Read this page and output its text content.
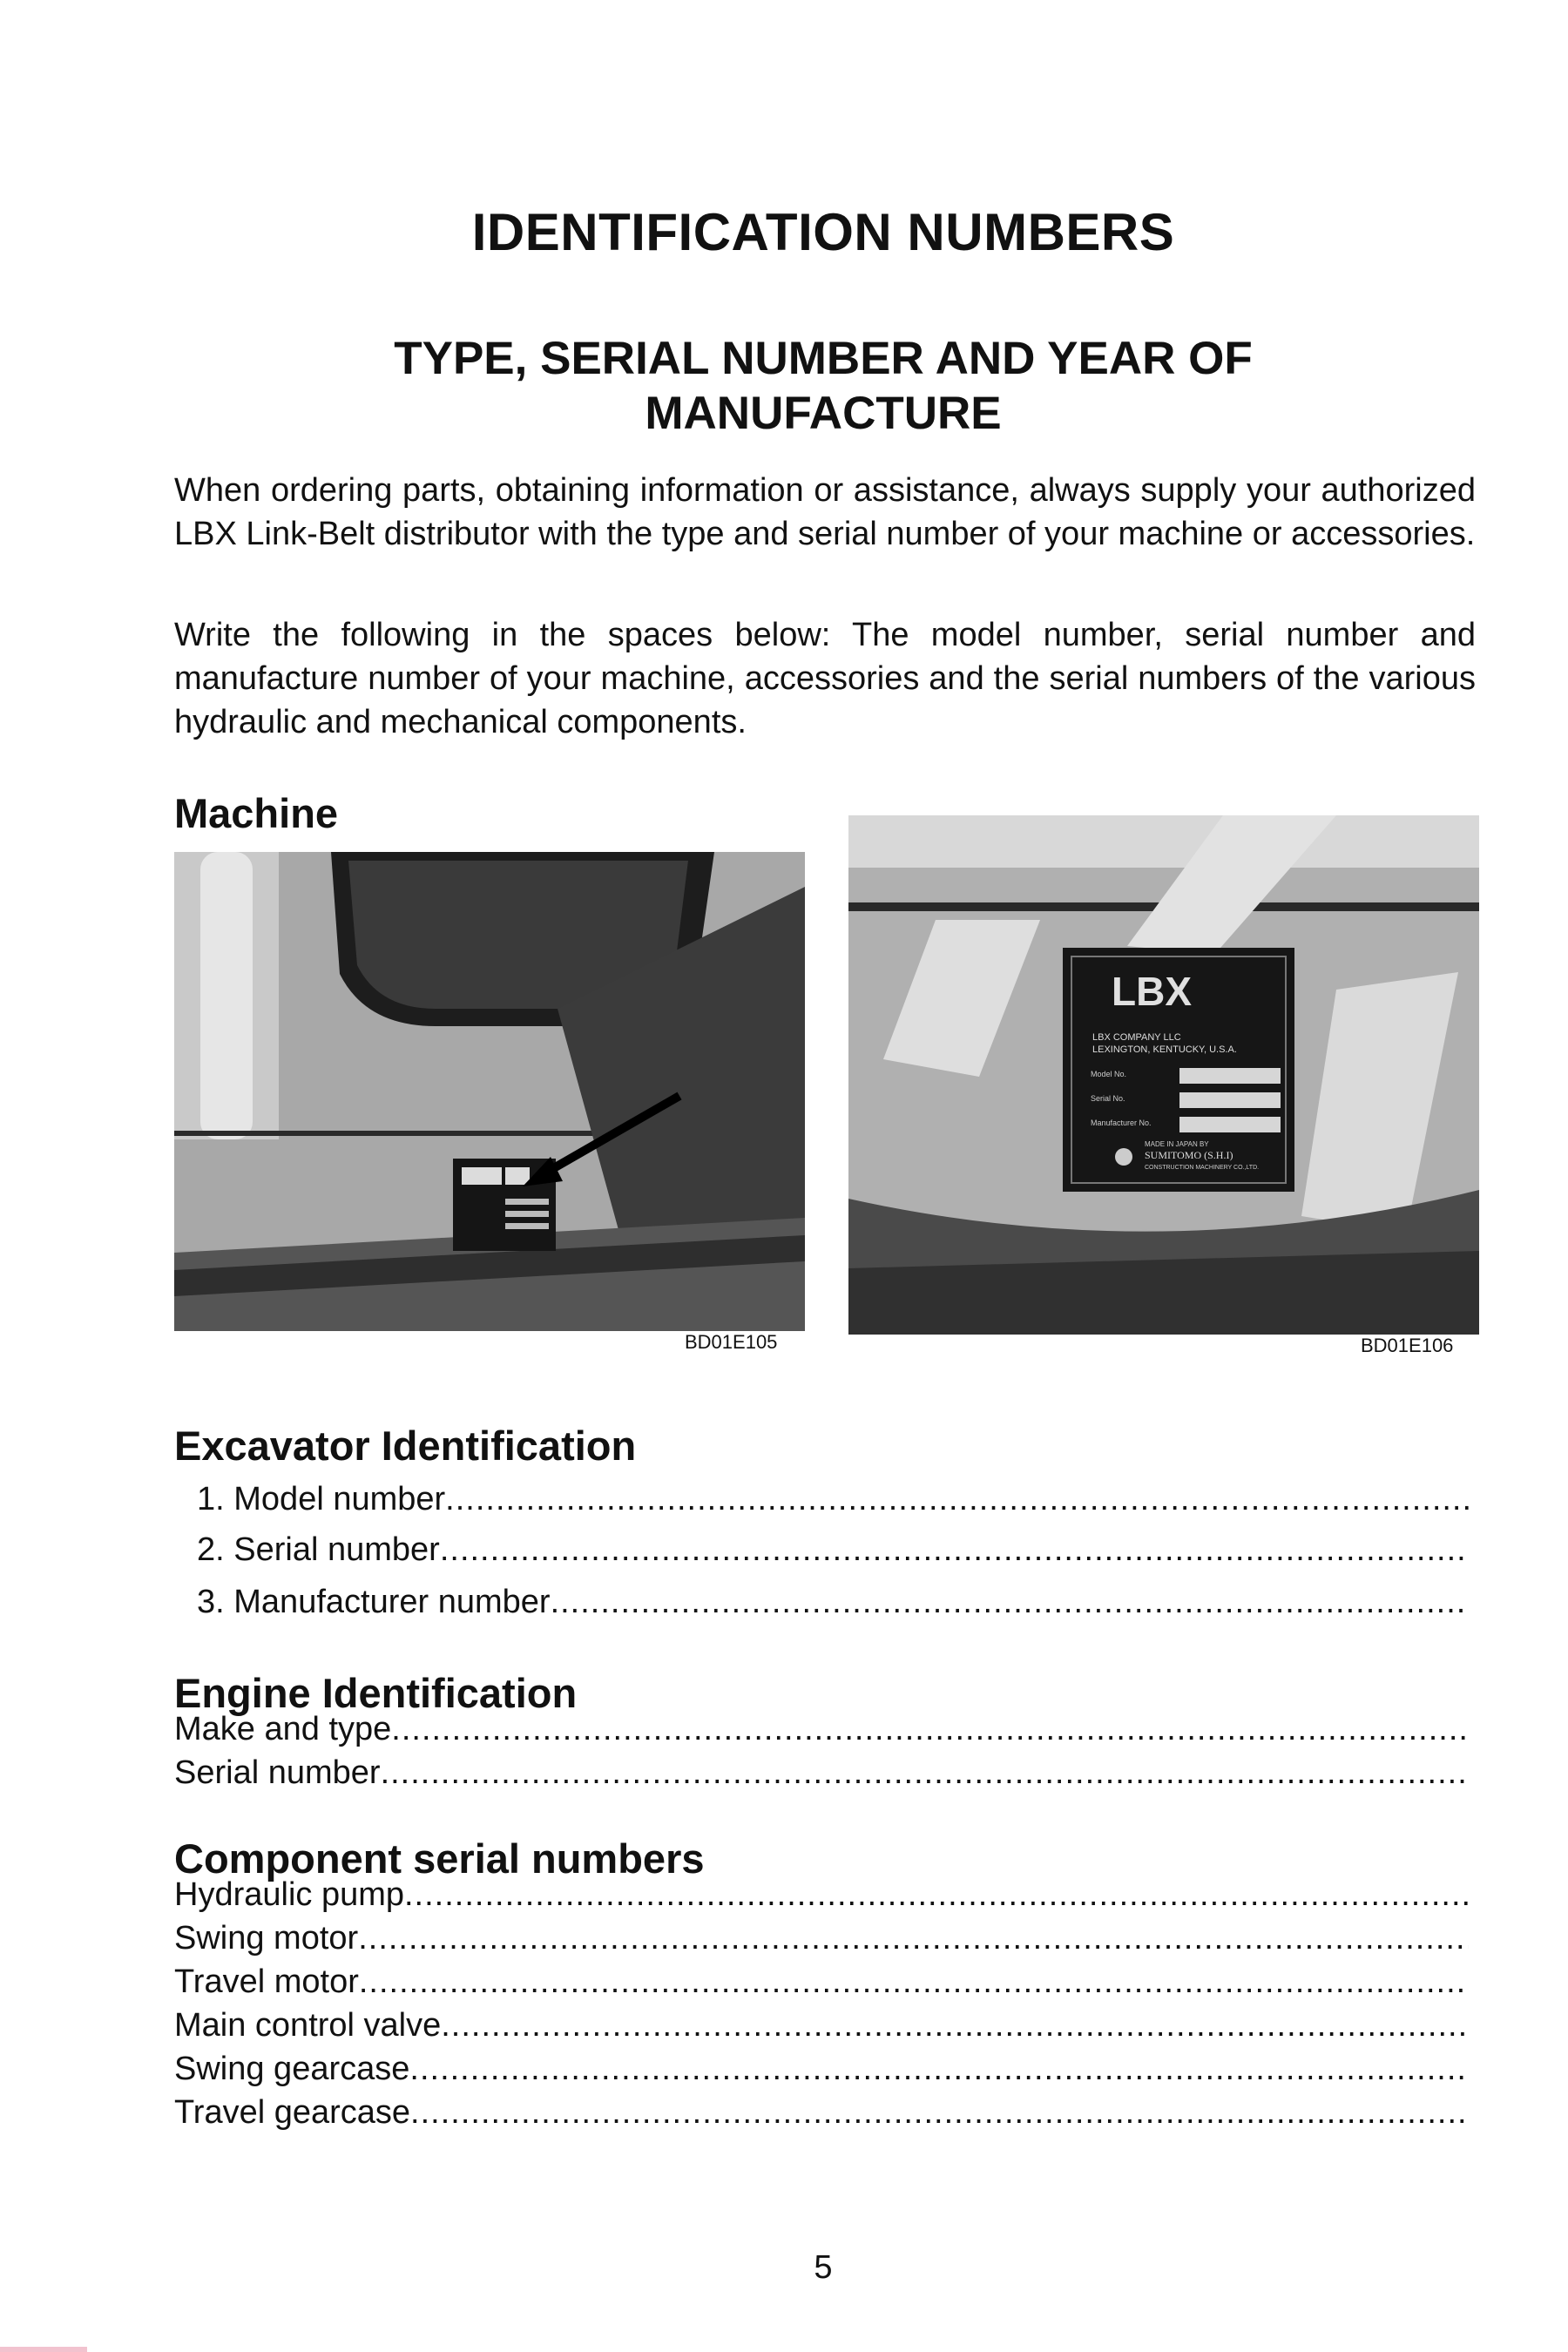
IDENTIFICATION NUMBERS
TYPE, SERIAL NUMBER AND YEAR OF MANUFACTURE

When ordering parts, obtaining information or assistance, always supply your authorized LBX Link-Belt distributor with the type and serial number of your machine or accessories.

Write the following in the spaces below: The model number, serial number and manufacture number of your machine, accessories and the serial numbers of the various hydraulic and mechanical components.

Machine
BD01E105
LBX
LBX COMPANY LLC
LEXINGTON, KENTUCKY, U.S.A.
Model No.
Serial No.
Manufacturer No.
MADE IN JAPAN BY
SUMITOMO (S.H.I)
CONSTRUCTION MACHINERY CO.,LTD.
BD01E106
Excavator Identification
1.
Model number
.....
2.
Serial number
.....
3.
Manufacturer number
.....
Engine Identification
Make and type
.....
Serial number
.....
Component serial numbers
Hydraulic pump
.....
Swing motor
.....
Travel motor
.....
Main control valve
.....
Swing gearcase
.....
Travel gearcase
.....
5
